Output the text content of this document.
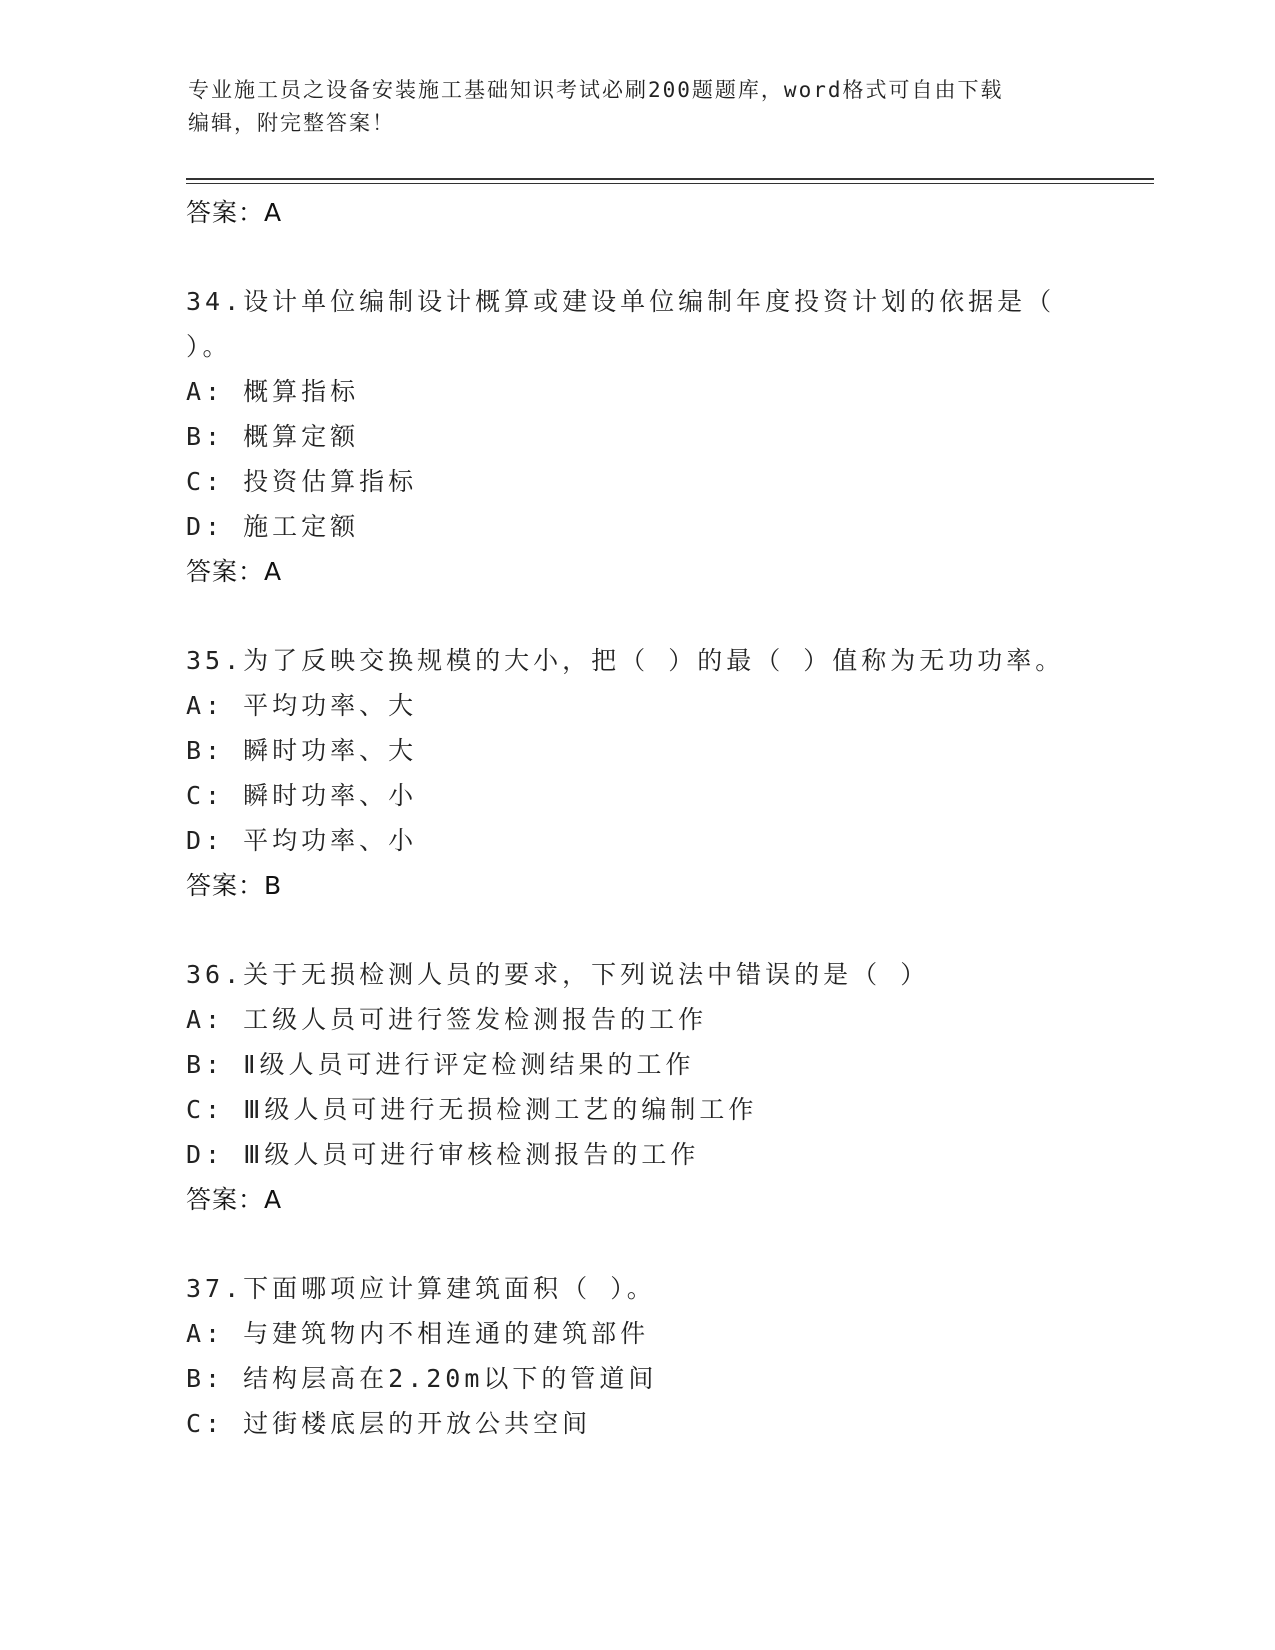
专业施工员之设备安装施工基础知识考试必刷200题题库，word格式可自由下载
编辑，附完整答案！
答案：A
34.设计单位编制设计概算或建设单位编制年度投资计划的依据是（
）。
A: 概算指标
B: 概算定额
C: 投资估算指标
D: 施工定额
答案：A
35.为了反映交换规模的大小，把（ ）的最（ ）值称为无功功率。
A: 平均功率、大
B: 瞬时功率、大
C: 瞬时功率、小
D: 平均功率、小
答案：B
36.关于无损检测人员的要求，下列说法中错误的是（ ）
A: 工级人员可进行签发检测报告的工作
B: Ⅱ级人员可进行评定检测结果的工作
C: Ⅲ级人员可进行无损检测工艺的编制工作
D: Ⅲ级人员可进行审核检测报告的工作
答案：A
37.下面哪项应计算建筑面积（ ）。
A: 与建筑物内不相连通的建筑部件
B: 结构层高在2.20m以下的管道间
C: 过街楼底层的开放公共空间
